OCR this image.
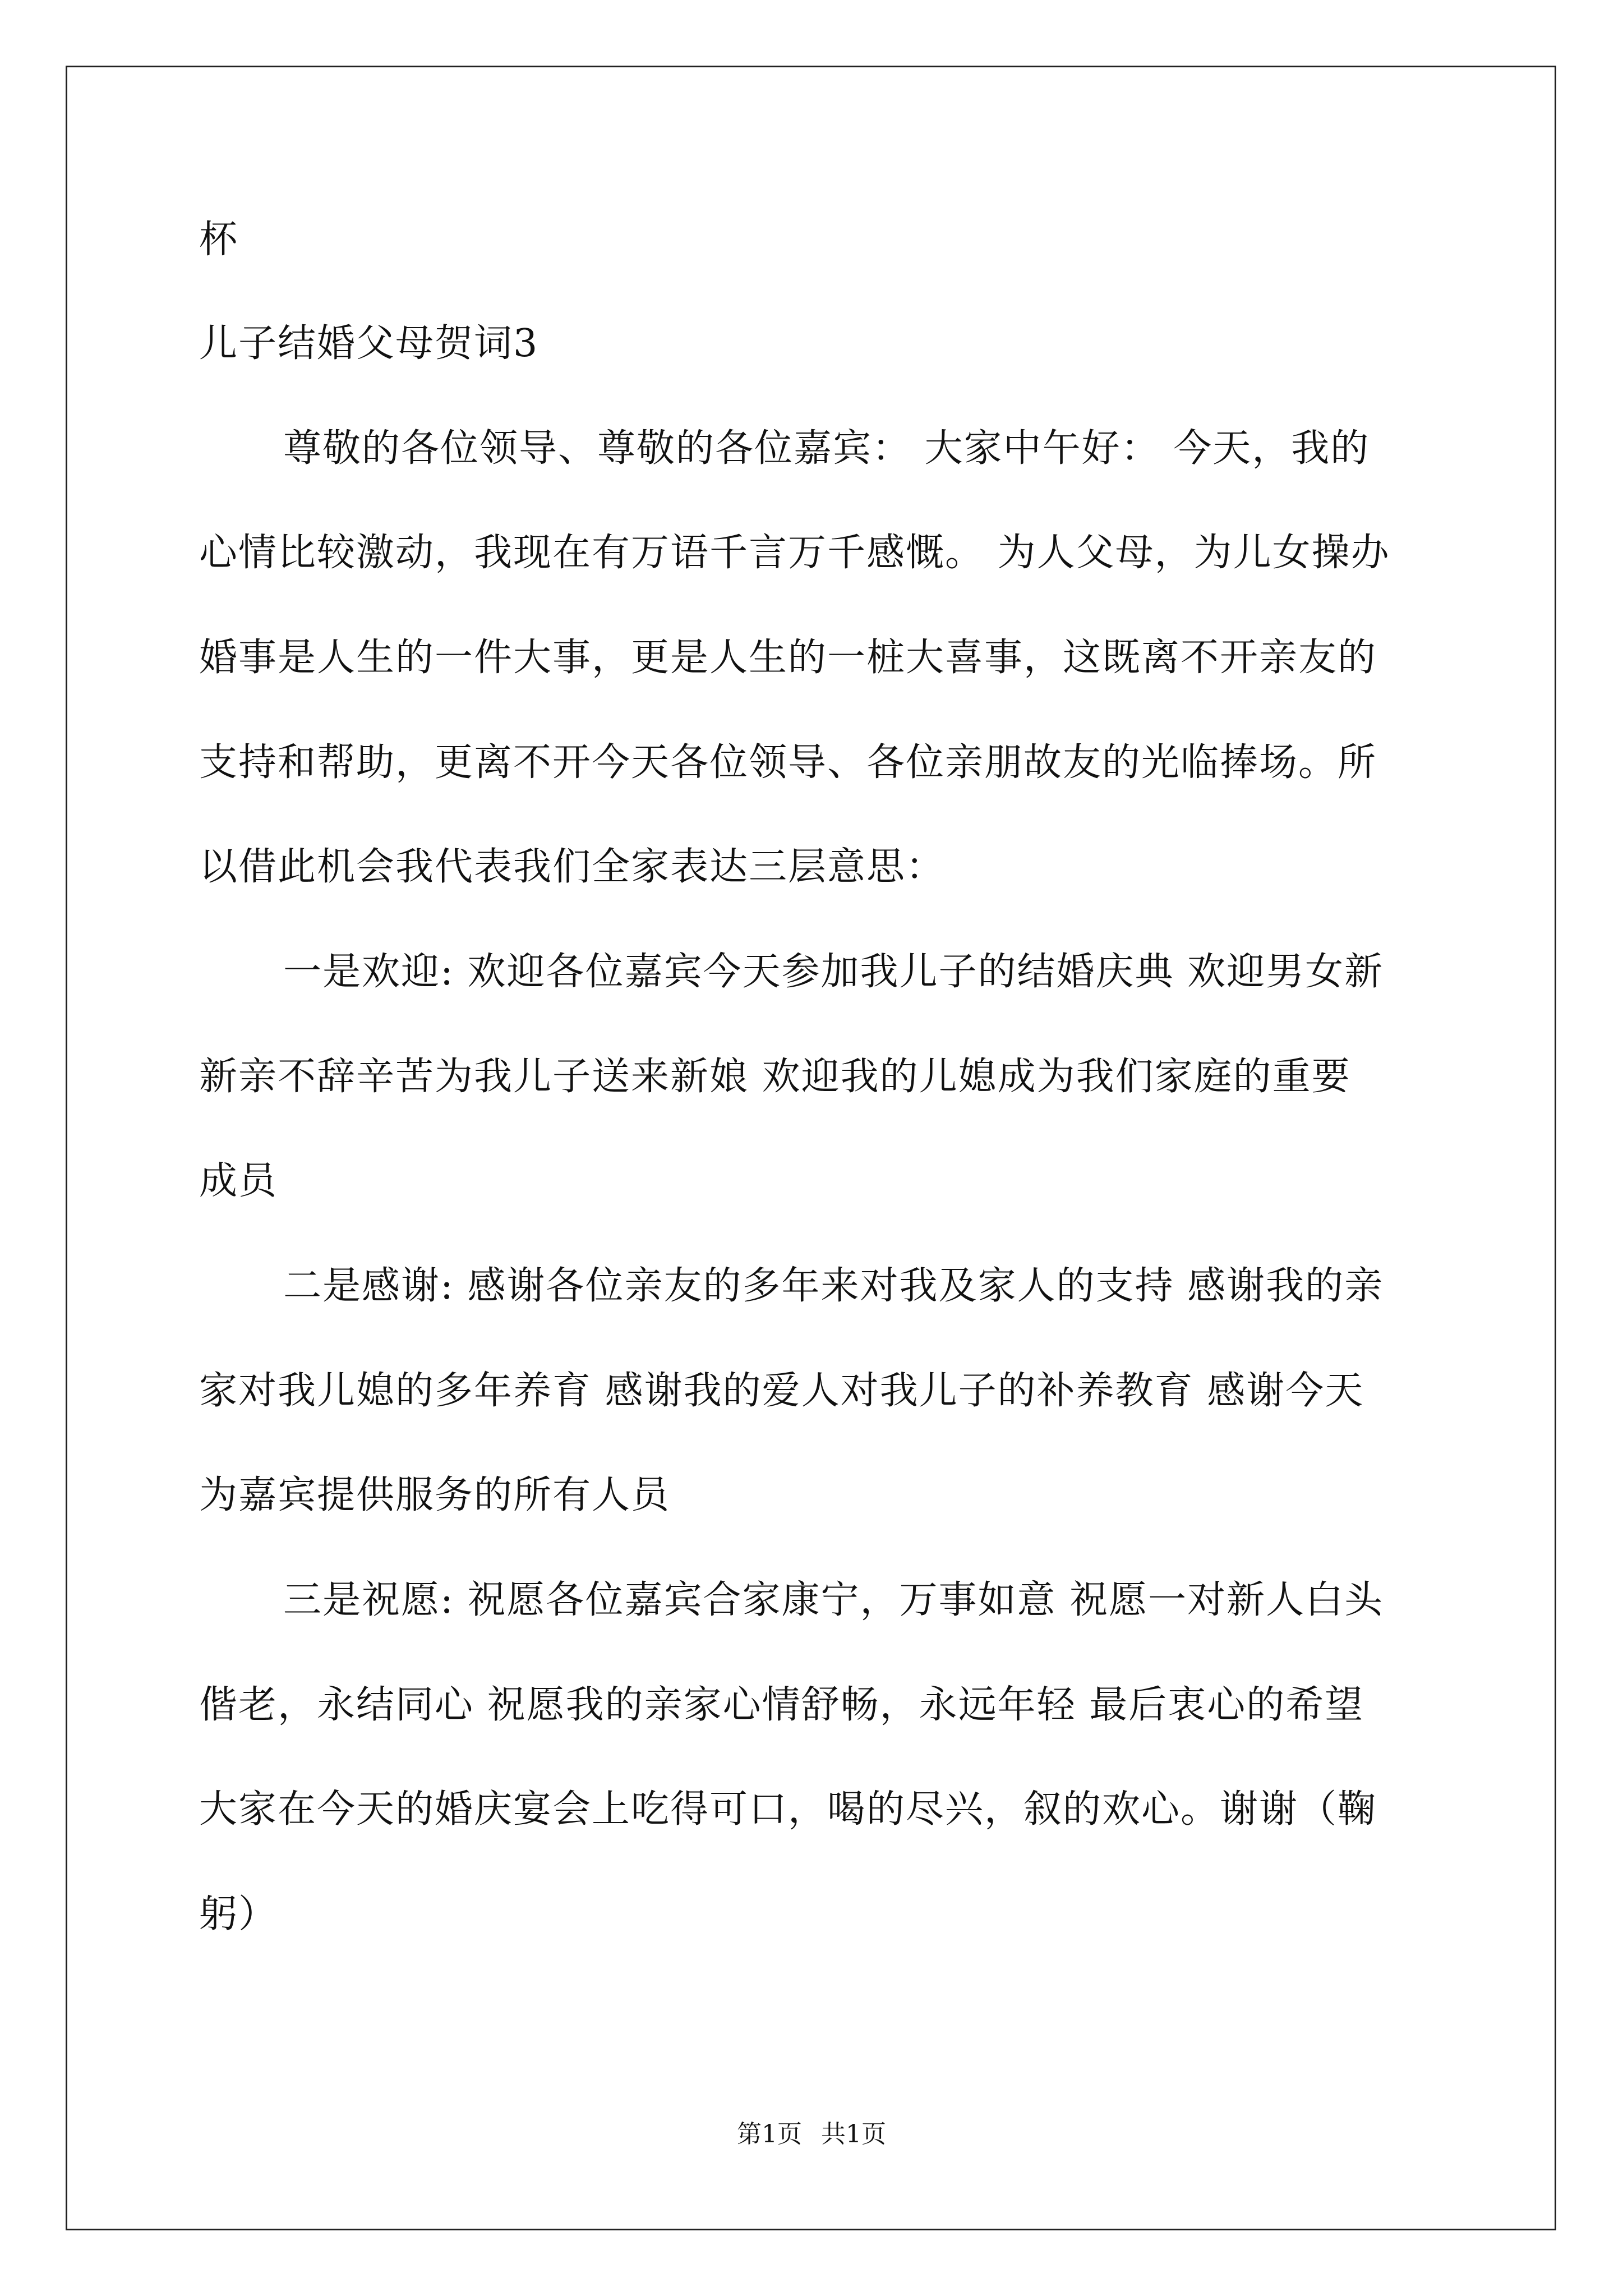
杯
儿子结婚父母贺词3
尊敬的各位领导、尊敬的各位嘉宾： 大家中午好： 今天，我的
心情比较激动，我现在有万语千言万千感慨。 为人父母，为儿女操办
婚事是人生的一件大事，更是人生的一桩大喜事，这既离不开亲友的
支持和帮助，更离不开今天各位领导、各位亲朋故友的光临捧场。所
以借此机会我代表我们全家表达三层意思：
一是欢迎: 欢迎各位嘉宾今天参加我儿子的结婚庆典 欢迎男女新
新亲不辞辛苦为我儿子送来新娘 欢迎我的儿媳成为我们家庭的重要
成员
二是感谢: 感谢各位亲友的多年来对我及家人的支持 感谢我的亲
家对我儿媳的多年养育 感谢我的爱人对我儿子的补养教育 感谢今天
为嘉宾提供服务的所有人员
三是祝愿: 祝愿各位嘉宾合家康宁，万事如意 祝愿一对新人白头
偕老，永结同心 祝愿我的亲家心情舒畅，永远年轻 最后衷心的希望
大家在今天的婚庆宴会上吃得可口，喝的尽兴，叙的欢心。谢谢（鞠
躬）
第1页 共1页
